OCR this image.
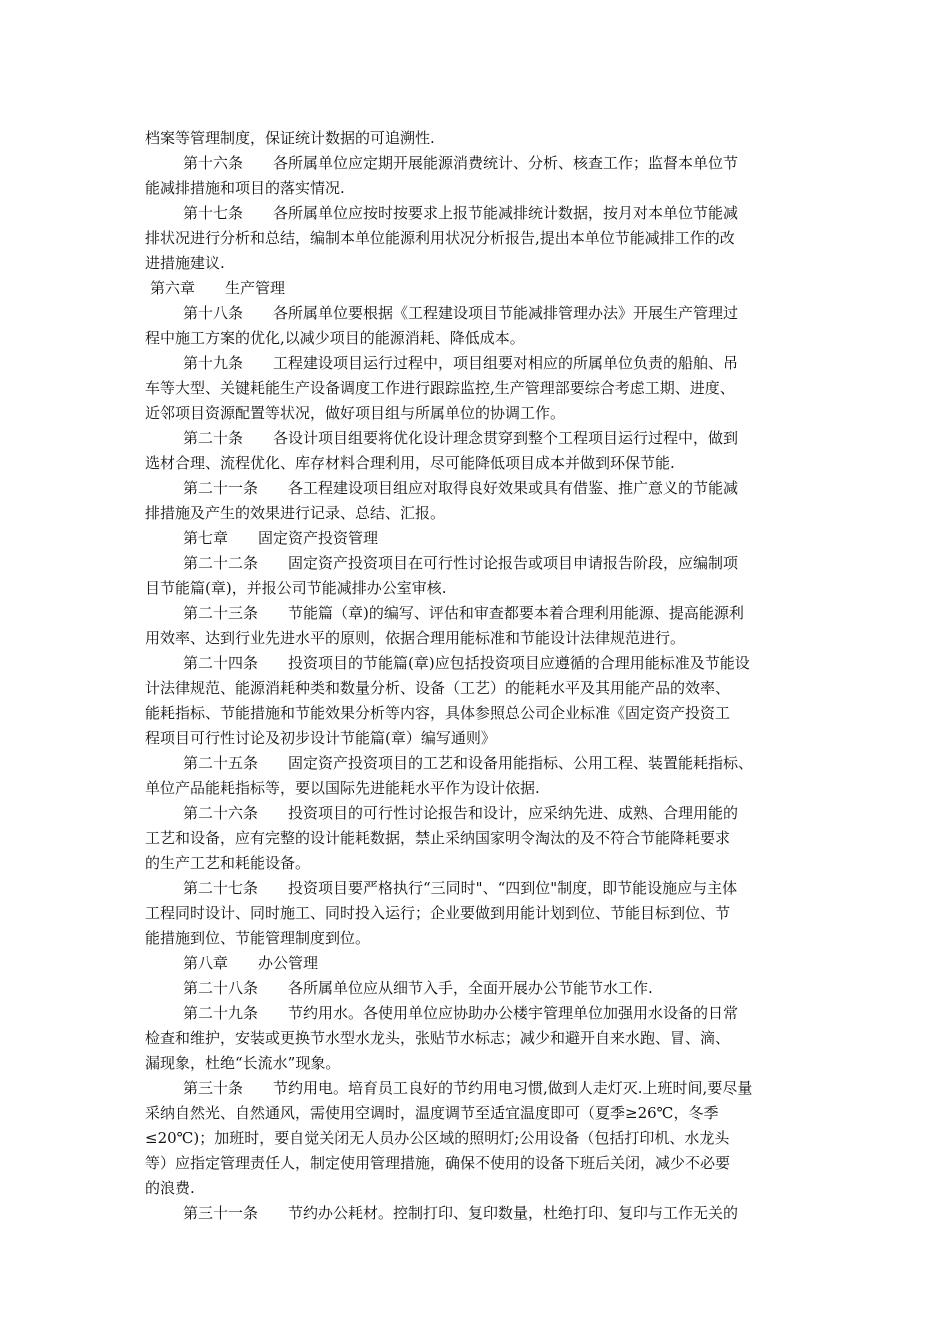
档案等管理制度，保证统计数据的可追溯性.
第十六条 各所属单位应定期开展能源消费统计、分析、核查工作；监督本单位节
能减排措施和项目的落实情况.
第十七条 各所属单位应按时按要求上报节能减排统计数据，按月对本单位节能减
排状况进行分析和总结，编制本单位能源利用状况分析报告,提出本单位节能减排工作的改
进措施建议.
第六章 生产管理
第十八条 各所属单位要根据《工程建设项目节能减排管理办法》开展生产管理过
程中施工方案的优化,以减少项目的能源消耗、降低成本。
第十九条 工程建设项目运行过程中，项目组要对相应的所属单位负责的船舶、吊
车等大型、关键耗能生产设备调度工作进行跟踪监控,生产管理部要综合考虑工期、进度、
近邻项目资源配置等状况，做好项目组与所属单位的协调工作。
第二十条 各设计项目组要将优化设计理念贯穿到整个工程项目运行过程中，做到
选材合理、流程优化、库存材料合理利用，尽可能降低项目成本并做到环保节能.
第二十一条 各工程建设项目组应对取得良好效果或具有借鉴、推广意义的节能减
排措施及产生的效果进行记录、总结、汇报。
第七章 固定资产投资管理
第二十二条 固定资产投资项目在可行性讨论报告或项目申请报告阶段，应编制项
目节能篇(章)，并报公司节能减排办公室审核.
第二十三条 节能篇（章)的编写、评估和审查都要本着合理利用能源、提高能源利
用效率、达到行业先进水平的原则，依据合理用能标准和节能设计法律规范进行。
第二十四条 投资项目的节能篇(章)应包括投资项目应遵循的合理用能标准及节能设
计法律规范、能源消耗种类和数量分析、设备（工艺）的能耗水平及其用能产品的效率、
能耗指标、节能措施和节能效果分析等内容，具体参照总公司企业标准《固定资产投资工
程项目可行性讨论及初步设计节能篇(章）编写通则》
第二十五条 固定资产投资项目的工艺和设备用能指标、公用工程、装置能耗指标、
单位产品能耗指标等，要以国际先进能耗水平作为设计依据.
第二十六条 投资项目的可行性讨论报告和设计，应采纳先进、成熟、合理用能的
工艺和设备，应有完整的设计能耗数据，禁止采纳国家明令淘汰的及不符合节能降耗要求
的生产工艺和耗能设备。
第二十七条 投资项目要严格执行“三同时"、“四到位"制度，即节能设施应与主体
工程同时设计、同时施工、同时投入运行；企业要做到用能计划到位、节能目标到位、节
能措施到位、节能管理制度到位。
第八章 办公管理
第二十八条 各所属单位应从细节入手，全面开展办公节能节水工作.
第二十九条 节约用水。各使用单位应协助办公楼宇管理单位加强用水设备的日常
检查和维护，安装或更换节水型水龙头，张贴节水标志；减少和避开自来水跑、冒、滴、
漏现象，杜绝“长流水”现象。
第三十条 节约用电。培育员工良好的节约用电习惯,做到人走灯灭.上班时间,要尽量
采纳自然光、自然通风，需使用空调时，温度调节至适宜温度即可（夏季≥26℃，冬季
≤20℃)；加班时，要自觉关闭无人员办公区域的照明灯;公用设备（包括打印机、水龙头
等）应指定管理责任人，制定使用管理措施，确保不使用的设备下班后关闭，减少不必要
的浪费.
第三十一条 节约办公耗材。控制打印、复印数量，杜绝打印、复印与工作无关的
